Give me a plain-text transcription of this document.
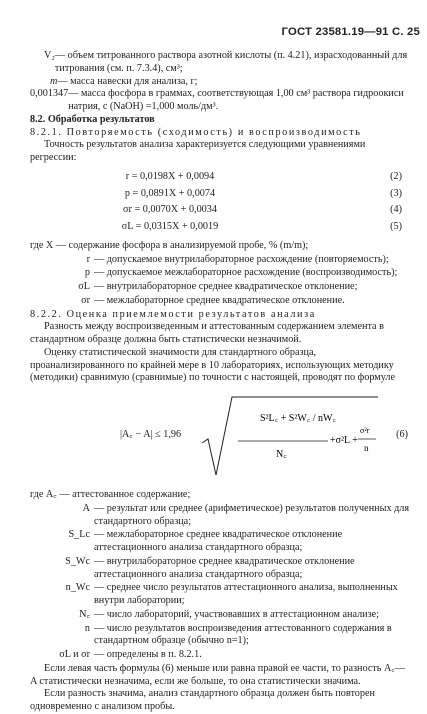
ГОСТ 23581.19—91 С. 25

V₂ — объем титрованного раствора азотной кислоты (п. 4.21), израсходованный для титрования (см. п. 7.3.4), см³;

m — масса навески для анализа, г;

0,001347 — масса фосфора в граммах, соответствующая 1,00 см³ раствора гидроокиси натрия, с (NaOH) =1,000 моль/дм³.

8.2. Обработка результатов

8.2.1. Повторяемость (сходимость) и воспроизводимость

Точность результатов анализа характеризуется следующими уравнениями регрессии:

r = 0,0198X + 0,0094	(2)
p = 0,0891X + 0,0074	(3)
σr = 0,0070X + 0,0034	(4)
σL = 0,0315X + 0,0019	(5)

где X — содержание фосфора в анализируемой пробе, % (m/m);

r — допускаемое внутрилабораторное расхождение (повторяемость);
p — допускаемое межлабораторное расхождение (воспроизводимость);
σL — внутрилабораторное среднее квадратическое отклонение;
σr — межлабораторное среднее квадратическое отклонение.

8.2.2. Оценка приемлемости результатов анализа

Разность между воспроизведенным и аттестованным содержанием элемента в стандартном образце должна быть статистически незначимой.

Оценку статистической значимости для стандартного образца, проанализированного по крайней мере в 10 лабораториях, использующих методику (методики) сравнимую (сравнимые) по точности с настоящей, проводят по формуле

|A꜀ − A| ≤ 1,96
S²L꜀ + S²W꜀ / nW꜀
N꜀
+σ²L +
σ²r
n
(6)

где A꜀ — аттестованное содержание;

A — результат или среднее (арифметическое) результатов полученных для стандартного образца;
S_Lc — межлабораторное среднее квадратическое отклонение аттестационного анализа стандартного образца;
S_Wc — внутрилабораторное среднее квадратическое отклонение аттестационного анализа стандартного образца;
n_Wc — среднее число результатов аттестационного анализа, выполненных внутри лаборатории;
N꜀ — число лабораторий, участвовавших в аттестационном анализе;
n — число результатов воспроизведения аттестованного содержания в стандартном образце (обычно n=1);
σL и σr — определены в п. 8.2.1.

Если левая часть формулы (6) меньше или равна правой ее части, то разность A꜀—A статистически незначима, если же больше, то она статистически значима.

Если разность значима, анализ стандартного образца должен быть повторен одновременно с анализом пробы.
